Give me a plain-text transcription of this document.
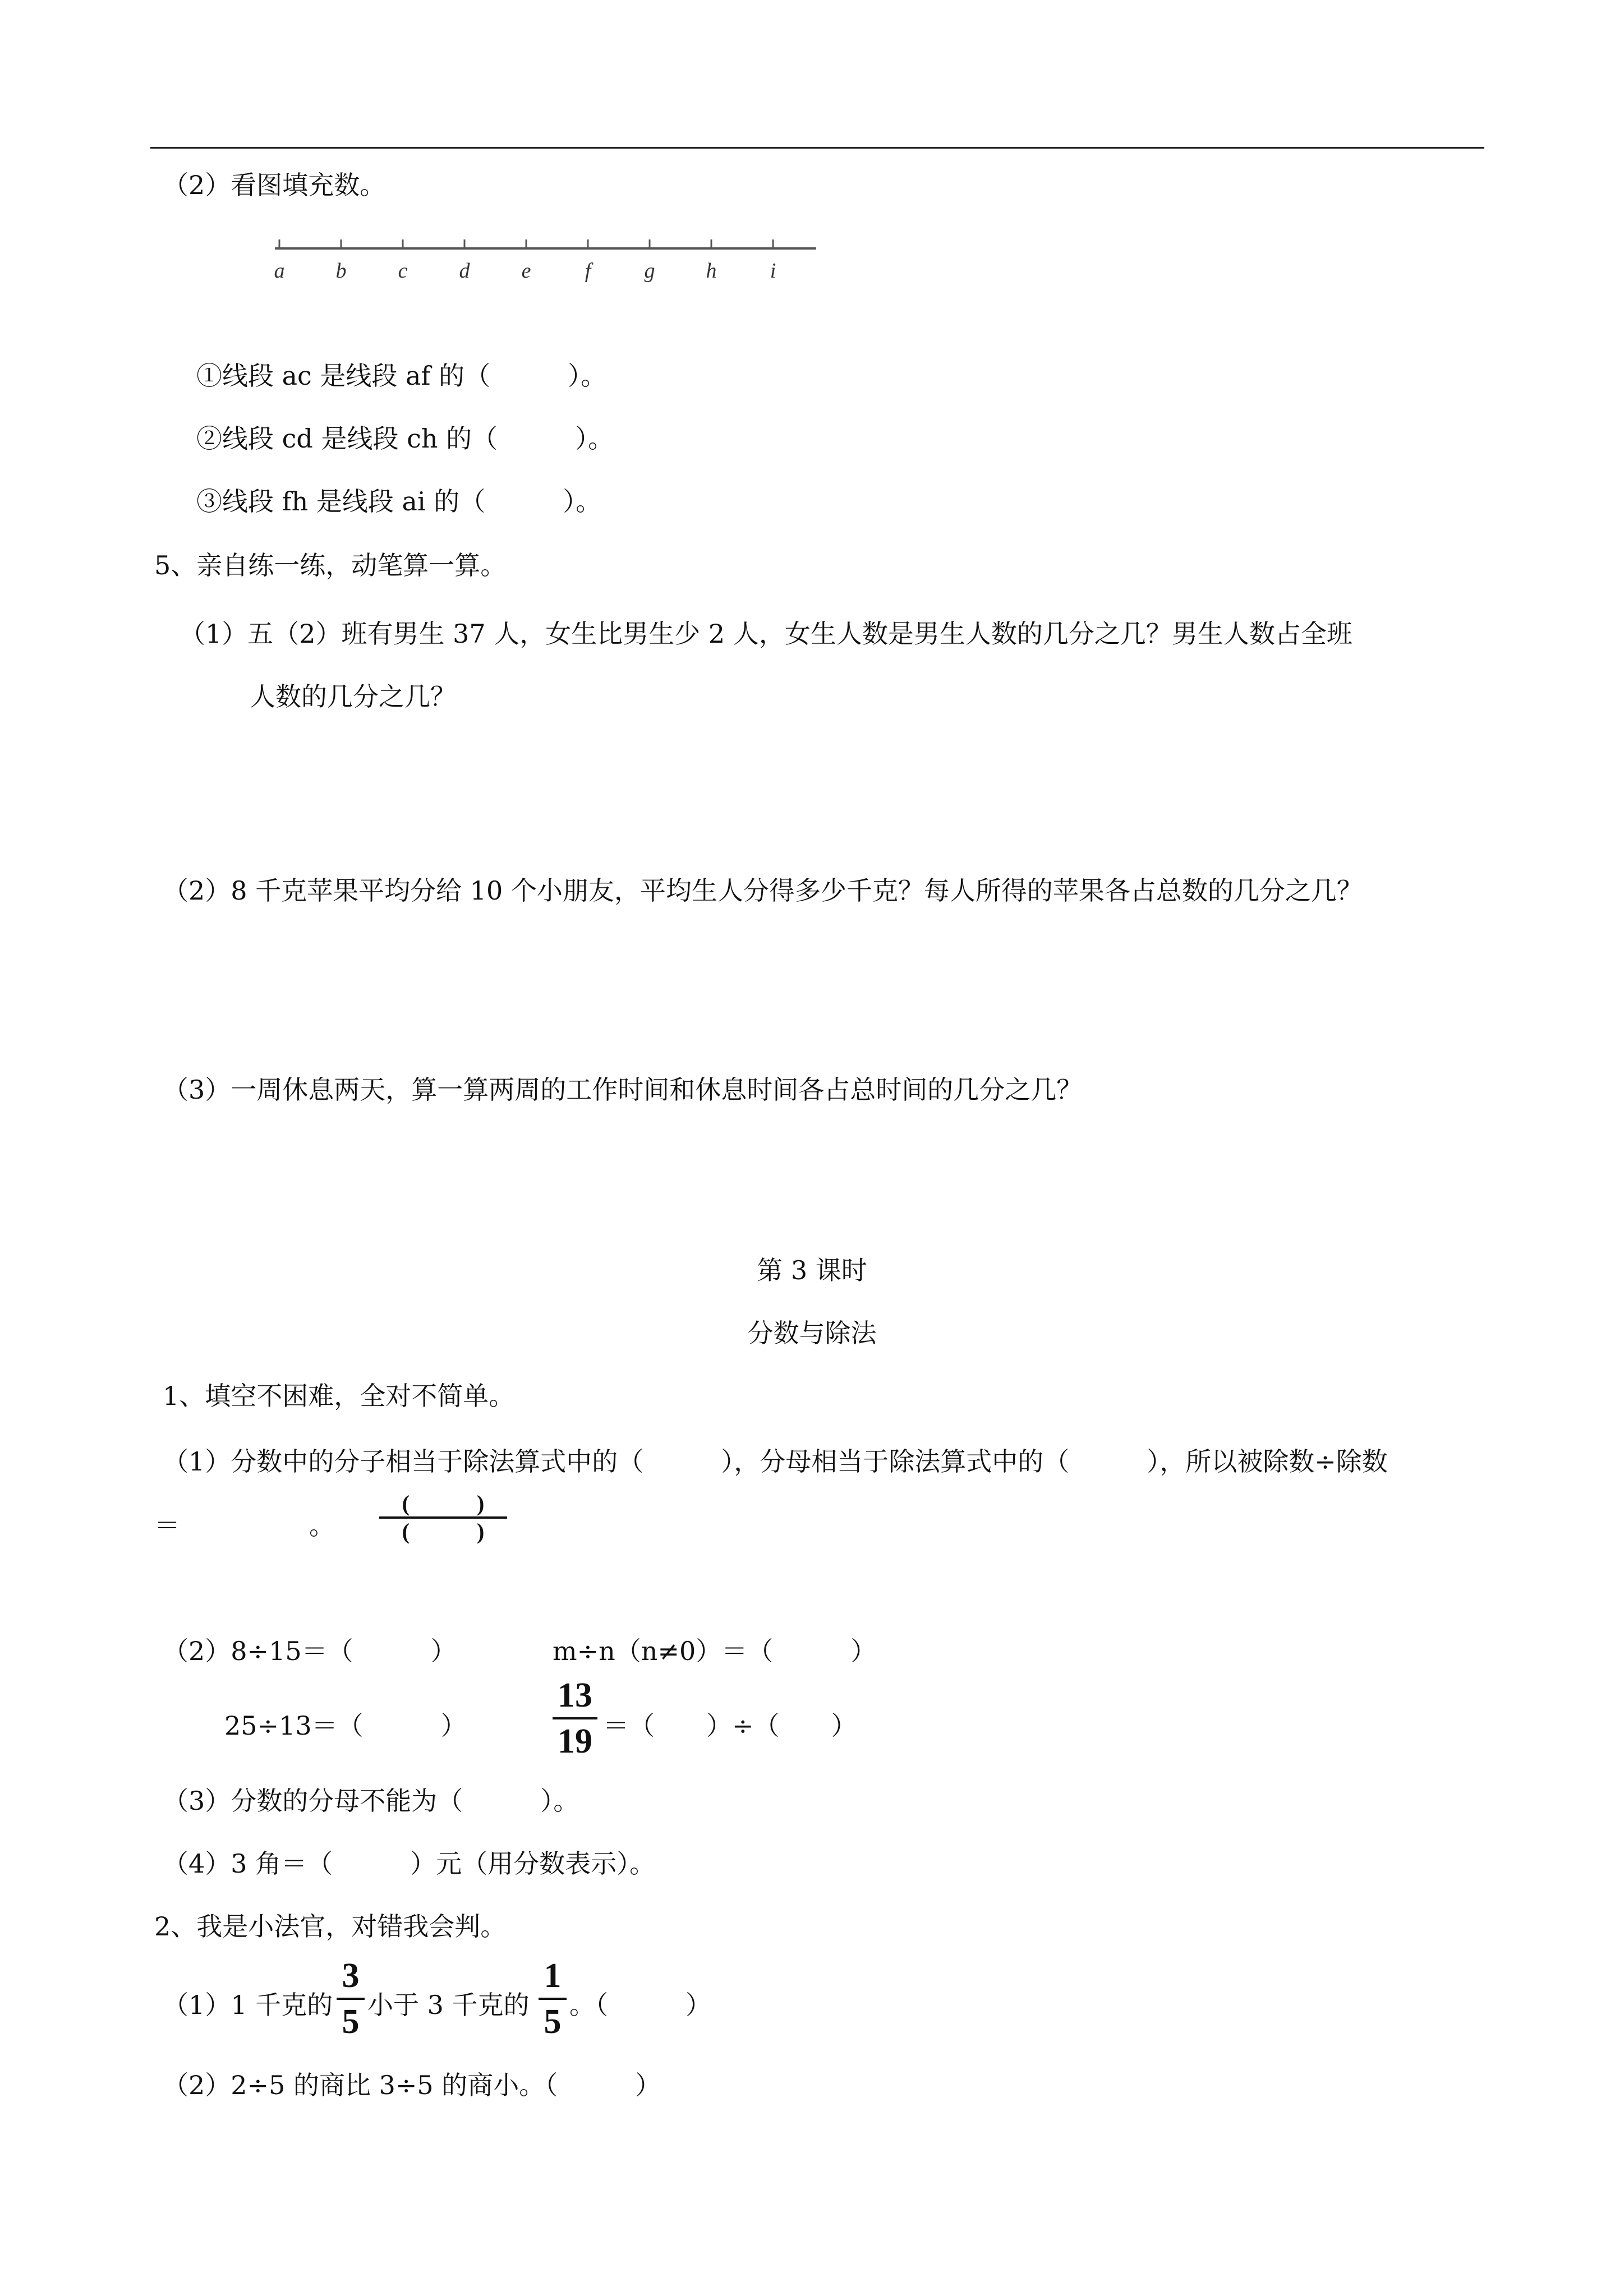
（2）看图填充数。
a b c d e	f	g h	i
①线段 ac 是线段 af 的（　　　）。
②线段 cd 是线段 ch 的（　　　）。
③线段 fh 是线段 ai 的（　　　）。
5、亲自练一练，动笔算一算。
（1）五（2）班有男生 37 人，女生比男生少 2 人，女生人数是男生人数的几分之几？男生人数占全班
人数的几分之几？
（2）8 千克苹果平均分给 10 个小朋友，平均生人分得多少千克？每人所得的苹果各占总数的几分之几？
（3）一周休息两天，算一算两周的工作时间和休息时间各占总时间的几分之几？
第 3 课时
分数与除法
1、填空不困难，全对不简单。
（1）分数中的分子相当于除法算式中的（　　　），分母相当于除法算式中的（　　　），所以被除数÷除数
＝　　　　　。
(　　　)
(　　　)
（2）8÷15＝（　　　）	m÷n（n≠0）＝（　　　）
25÷13＝（　　　）
13
19 ＝（　　）÷（　　）
（3）分数的分母不能为（　　　）。
（4）3 角＝（　　　）元（用分数表示）。
2、我是小法官，对错我会判。
（1）1 千克的
3
5 小于 3 千克的
1
5 。（　　　）
（2）2÷5 的商比 3÷5 的商小。（　　　）
